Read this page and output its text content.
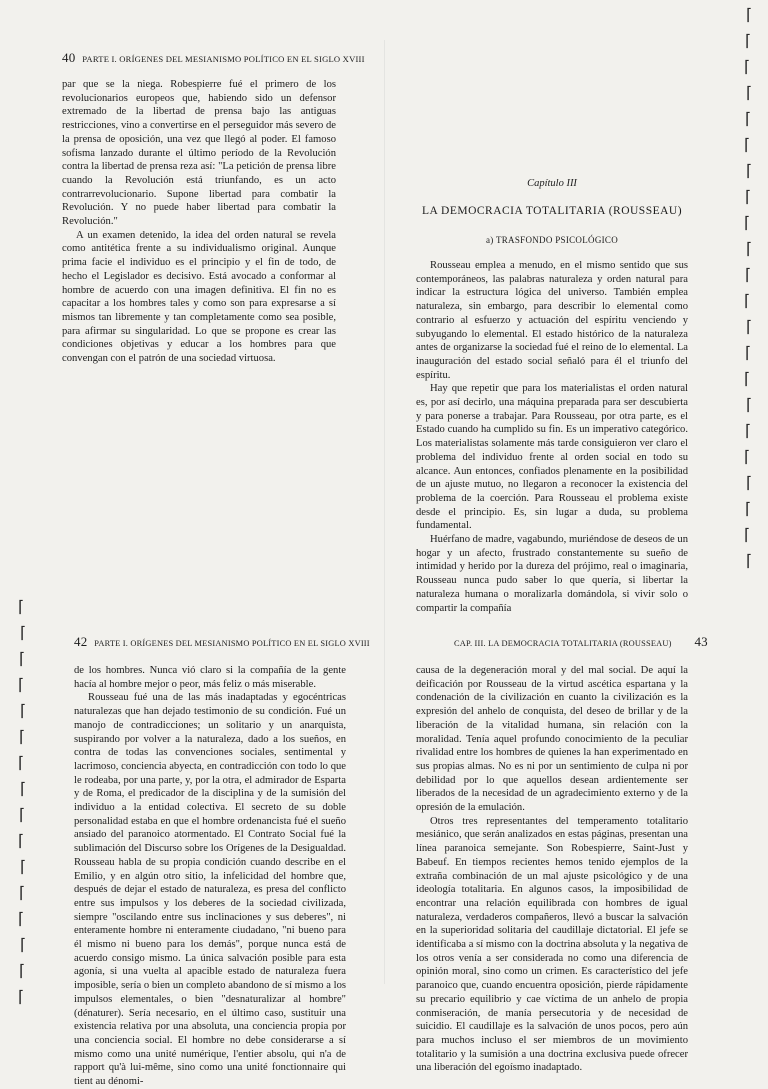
40 PARTE I. ORÍGENES DEL MESIANISMO POLÍTICO EN EL SIGLO XVIII

par que se la niega. Robespierre fué el primero de los revolucionarios europeos que, habiendo sido un defensor extremado de la libertad de prensa bajo las antiguas restricciones, vino a convertirse en el perseguidor más severo de la prensa de oposición, una vez que llegó al poder. El famoso sofisma lanzado durante el último período de la Revolución contra la libertad de prensa reza así: "La petición de prensa libre cuando la Revolución está triunfando, es un acto contrarrevolucionario. Supone libertad para combatir la Revolución. Y no puede haber libertad para combatir la Revolución."

A un examen detenido, la idea del orden natural se revela como antitética frente a su individualismo original. Aunque prima facie el individuo es el principio y el fin de todo, de hecho el Legislador es decisivo. Está avocado a conformar al hombre de acuerdo con una imagen definitiva. El fin no es capacitar a los hombres tales y como son para expresarse a sí mismos tan libremente y tan completamente como sea posible, para afirmar su singularidad. Lo que se propone es crear las condiciones objetivas y educar a los hombres para que convengan con el patrón de una sociedad virtuosa.

Capítulo III
LA DEMOCRACIA TOTALITARIA (ROUSSEAU)
a) TRASFONDO PSICOLÓGICO

Rousseau emplea a menudo, en el mismo sentido que sus contemporáneos, las palabras naturaleza y orden natural para indicar la estructura lógica del universo. También emplea naturaleza, sin embargo, para describir lo elemental como contrario al esfuerzo y actuación del espíritu venciendo y subyugando lo elemental. El estado histórico de la naturaleza antes de organizarse la sociedad fué el reino de lo elemental. La inauguración del estado social señaló para él el triunfo del espíritu.

Hay que repetir que para los materialistas el orden natural es, por así decirlo, una máquina preparada para ser descubierta y para ponerse a trabajar. Para Rousseau, por otra parte, es el Estado cuando ha cumplido su fin. Es un imperativo categórico. Los materialistas solamente más tarde consiguieron ver claro el problema del individuo frente al orden social en todo su alcance. Aun entonces, confiados plenamente en la posibilidad de un ajuste mutuo, no llegaron a reconocer la existencia del problema de la coerción. Para Rousseau el problema existe desde el principio. Es, sin lugar a duda, su problema fundamental.

Huérfano de madre, vagabundo, muriéndose de deseos de un hogar y un afecto, frustrado constantemente su sueño de intimidad y herido por la dureza del prójimo, real o imaginaria, Rousseau nunca pudo saber lo que quería, si libertar la naturaleza humana o moralizarla domándola, si vivir solo o compartir la compañía

42 PARTE I. ORÍGENES DEL MESIANISMO POLÍTICO EN EL SIGLO XVIII

de los hombres. Nunca vió claro si la compañía de la gente hacía al hombre mejor o peor, más feliz o más miserable.

Rousseau fué una de las más inadaptadas y egocéntricas naturalezas que han dejado testimonio de su condición. Fué un manojo de contradicciones; un solitario y un anarquista, suspirando por volver a la naturaleza, dado a los sueños, en contra de todas las convenciones sociales, sentimental y lacrimoso, conciencia abyecta, en contradicción con todo lo que le rodeaba, por una parte, y, por la otra, el admirador de Esparta y de Roma, el predicador de la disciplina y de la sumisión del individuo a la entidad colectiva. El secreto de su doble personalidad estaba en que el hombre ordenancista fué el sueño ansiado del paranoico atormentado. El Contrato Social fué la sublimación del Discurso sobre los Orígenes de la Desigualdad. Rousseau habla de su propia condición cuando describe en el Emilio, y en algún otro sitio, la infelicidad del hombre que, después de dejar el estado de naturaleza, es presa del conflicto entre sus impulsos y los deberes de la sociedad civilizada, siempre "oscilando entre sus inclinaciones y sus deberes", ni enteramente hombre ni enteramente ciudadano, "ni bueno para él mismo ni bueno para los demás", porque nunca está de acuerdo consigo mismo. La única salvación posible para esta agonía, si una vuelta al apacible estado de naturaleza fuera imposible, sería o bien un completo abandono de sí mismo a los impulsos elementales, o bien "desnaturalizar al hombre" (dénaturer). Sería necesario, en el último caso, sustituir una existencia relativa por una absoluta, una conciencia propia por una conciencia social. El hombre no debe considerarse a sí mismo como una unité numérique, l'entier absolu, qui n'a de rapport qu'à lui-même, sino como una unité fonctionnaire qui tient au dénomi-

CAP. III. LA DEMOCRACIA TOTALITARIA (ROUSSEAU) 43

causa de la degeneración moral y del mal social. De aquí la deificación por Rousseau de la virtud ascética espartana y la condenación de la civilización en cuanto la civilización es la expresión del anhelo de conquista, del deseo de brillar y de la liberación de la vitalidad humana, sin relación con la moralidad. Tenía aquel profundo conocimiento de la peculiar rivalidad entre los hombres de quienes la han experimentado en sus propias almas. No es ni por un sentimiento de culpa ni por debilidad por lo que aquellos desean ardientemente ser liberados de la necesidad de un agradecimiento externo y de la opresión de la emulación.

Otros tres representantes del temperamento totalitario mesiánico, que serán analizados en estas páginas, presentan una línea paranoica semejante. Son Robespierre, Saint-Just y Babeuf. En tiempos recientes hemos tenido ejemplos de la extraña combinación de un mal ajuste psicológico y de una ideología totalitaria. En algunos casos, la imposibilidad de encontrar una relación equilibrada con hombres de igual naturaleza, verdaderos compañeros, llevó a buscar la salvación en la superioridad solitaria del caudillaje dictatorial. El jefe se identificaba a sí mismo con la doctrina absoluta y la negativa de los otros venía a ser considerada no como una diferencia de opinión moral, sino como un crimen. Es característico del jefe paranoico que, cuando encuentra oposición, pierde rápidamente su precario equilibrio y cae víctima de un anhelo de propia conmiseración, de manía persecutoria y de necesidad de suicidio. El caudillaje es la salvación de unos pocos, pero aún para muchos incluso el ser miembros de un movimiento totalitario y la sumisión a una doctrina exclusiva puede ofrecer una liberación del egoísmo inadaptado.

⌈
⌈
⌈
⌈
⌈
⌈
⌈
⌈
⌈
⌈
⌈
⌈
⌈
⌈
⌈
⌈
⌈
⌈
⌈
⌈
⌈
⌈
⌈
⌈
⌈
⌈
⌈
⌈
⌈
⌈
⌈
⌈
⌈
⌈
⌈
⌈
⌈
⌈
